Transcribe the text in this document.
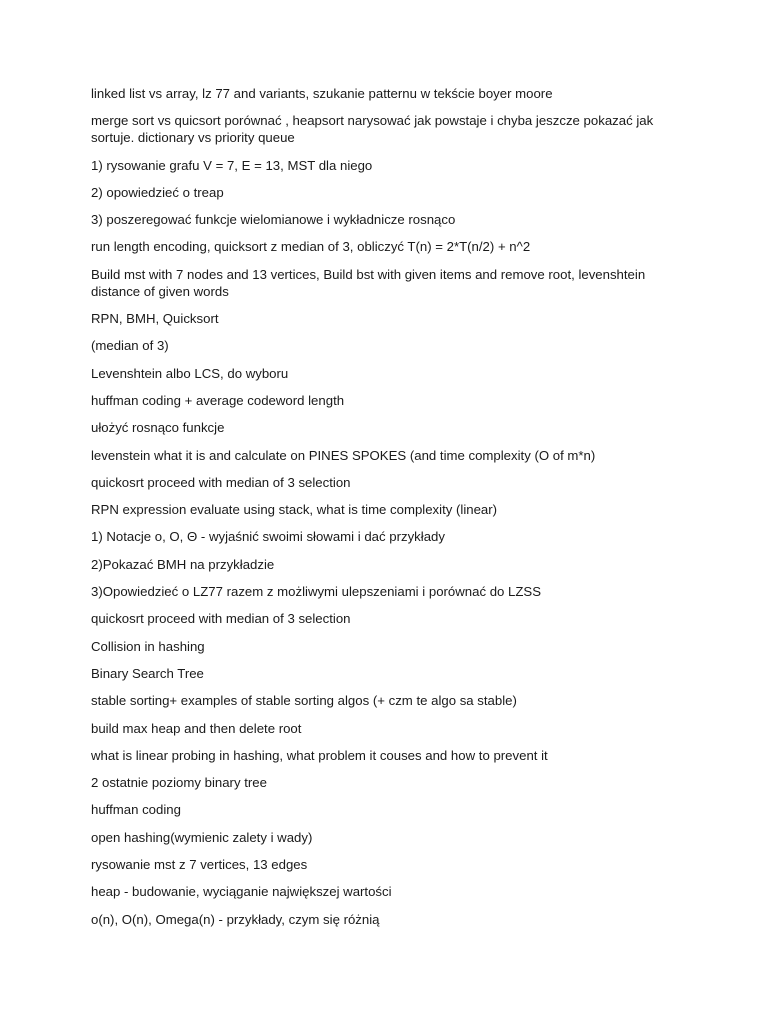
linked list vs array, lz 77 and variants, szukanie patternu w tekście boyer moore

merge sort vs quicsort porównać , heapsort narysować jak powstaje i chyba jeszcze pokazać jak sortuje. dictionary vs priority queue

1) rysowanie grafu V = 7, E = 13, MST dla niego

2) opowiedzieć o treap

3) poszeregować funkcje wielomianowe i wykładnicze rosnąco

run length encoding, quicksort z median of 3, obliczyć T(n) = 2*T(n/2) + n^2

Build mst with 7 nodes and 13 vertices, Build bst with given items and remove root, levenshtein distance of given words

RPN, BMH, Quicksort

(median of 3)

Levenshtein albo LCS, do wyboru

huffman coding + average codeword length

ułożyć rosnąco funkcje

levenstein what it is and calculate on PINES SPOKES (and time complexity (O of m*n)

quickosrt proceed with median of 3 selection

RPN expression evaluate using stack, what is time complexity (linear)

1) Notacje o, O, Θ - wyjaśnić swoimi słowami i dać przykłady

2)Pokazać BMH na przykładzie

3)Opowiedzieć o LZ77 razem z możliwymi ulepszeniami i porównać do LZSS

quickosrt proceed with median of 3 selection

Collision in hashing

Binary Search Tree

stable sorting+ examples of stable sorting algos (+ czm te algo sa stable)

build max heap and then delete root

what is linear probing in hashing, what problem it couses and how to prevent it

2 ostatnie poziomy binary tree

huffman coding

open hashing(wymienic zalety i wady)

rysowanie mst z 7 vertices, 13 edges

heap - budowanie, wyciąganie największej wartości

o(n), O(n), Omega(n) - przykłady, czym się różnią
